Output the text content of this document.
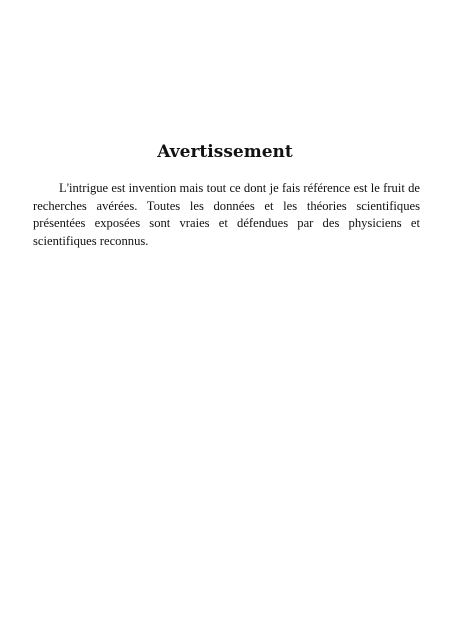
Avertissement

L'intrigue est invention mais tout ce dont je fais référence est le fruit de recherches avérées. Toutes les données et les théories scientifiques présentées exposées sont vraies et défendues par des physiciens et scientifiques reconnus.
